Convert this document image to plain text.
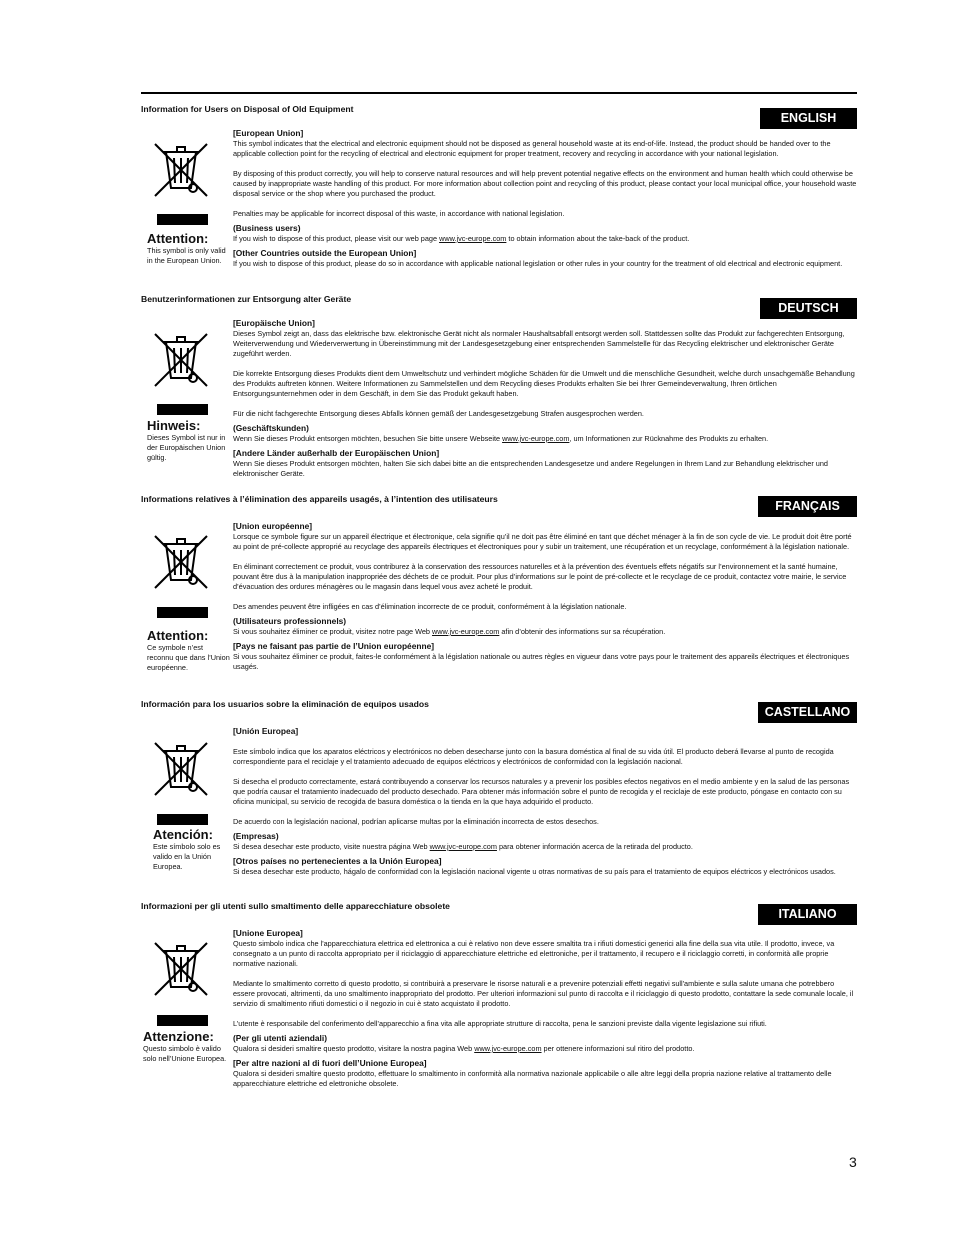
Information for Users on Disposal of Old Equipment
ENGLISH
Attention:
This symbol is only valid in the European Union.

[European Union]

This symbol indicates that the electrical and electronic equipment should not be disposed as general household waste at its end-of-life. Instead, the product should be handed over to the applicable collection point for the recycling of electrical and electronic equipment for proper treatment, recovery and recycling in accordance with your national legislation.

By disposing of this product correctly, you will help to conserve natural resources and will help prevent potential negative effects on the environment and human health which could otherwise be caused by inappropriate waste handling of this product. For more information about collection point and recycling of this product, please contact your local municipal office, your household waste disposal service or the shop where you purchased the product.

Penalties may be applicable for incorrect disposal of this waste, in accordance with national legislation.

(Business users)

If you wish to dispose of this product, please visit our web page www.jvc-europe.com to obtain information about the take-back of the product.

[Other Countries outside the European Union]

If you wish to dispose of this product, please do so in accordance with applicable national legislation or other rules in your country for the treatment of old electrical and electronic equipment.

Benutzerinformationen zur Entsorgung alter Geräte
DEUTSCH
Hinweis:
Dieses Symbol ist nur in der Europäischen Union gültig.

[Europäische Union]

Dieses Symbol zeigt an, dass das elektrische bzw. elektronische Gerät nicht als normaler Haushaltsabfall entsorgt werden soll. Stattdessen sollte das Produkt zur fachgerechten Entsorgung, Weiterverwendung und Wiederverwertung in Übereinstimmung mit der Landesgesetzgebung einer entsprechenden Sammelstelle für das Recycling elektrischer und elektronischer Geräte zugeführt werden.

Die korrekte Entsorgung dieses Produkts dient dem Umweltschutz und verhindert mögliche Schäden für die Umwelt und die menschliche Gesundheit, welche durch unsachgemäße Behandlung des Produkts auftreten können. Weitere Informationen zu Sammelstellen und dem Recycling dieses Produkts erhalten Sie bei Ihrer Gemeindeverwaltung, Ihren örtlichen Entsorgungsunternehmen oder in dem Geschäft, in dem Sie das Produkt gekauft haben.

Für die nicht fachgerechte Entsorgung dieses Abfalls können gemäß der Landesgesetzgebung Strafen ausgesprochen werden.

(Geschäftskunden)

Wenn Sie dieses Produkt entsorgen möchten, besuchen Sie bitte unsere Webseite www.jvc-europe.com, um Informationen zur Rücknahme des Produkts zu erhalten.

[Andere Länder außerhalb der Europäischen Union]

Wenn Sie dieses Produkt entsorgen möchten, halten Sie sich dabei bitte an die entsprechenden Landesgesetze und andere Regelungen in Ihrem Land zur Behandlung elektrischer und elektronischer Geräte.

Informations relatives à l’élimination des appareils usagés, à l’intention des utilisateurs	FRANÇAIS
Attention:
Ce symbole n’est reconnu que dans l’Union européenne.

[Union européenne]

Lorsque ce symbole figure sur un appareil électrique et électronique, cela signifie qu’il ne doit pas être éliminé en tant que déchet ménager à la fin de son cycle de vie. Le produit doit être porté au point de pré-collecte approprié au recyclage des appareils électriques et électroniques pour y subir un traitement, une récupération et un recyclage, conformément à la législation nationale.

En éliminant correctement ce produit, vous contriburez à la conservation des ressources naturelles et à la prévention des éventuels effets négatifs sur l’environnement et la santé humaine, pouvant être dus à la manipulation inappropriée des déchets de ce produit. Pour plus d’informations sur le point de pré-collecte et le recyclage de ce produit, contactez votre mairie, le service d’évacuation des ordures ménagères ou le magasin dans lequel vous avez acheté le produit.

Des amendes peuvent être infligées en cas d’élimination incorrecte de ce produit, conformément à la législation nationale.

(Utilisateurs professionnels)

Si vous souhaitez éliminer ce produit, visitez notre page Web www.jvc-europe.com afin d’obtenir des informations sur sa récupération.

[Pays ne faisant pas partie de l’Union européenne]

Si vous souhaitez éliminer ce produit, faites-le conformément à la législation nationale ou autres règles en vigueur dans votre pays pour le traitement des appareils électriques et électroniques usagés.

Información para los usuarios sobre la eliminación de equipos usados
CASTELLANO
Atención:
Este símbolo solo es valido en la Unión Europea.

[Unión Europea]

Este símbolo indica que los aparatos eléctricos y electrónicos no deben desecharse junto con la basura doméstica al final de su vida útil. El producto deberá llevarse al punto de recogida correspondiente para el reciclaje y el tratamiento adecuado de equipos eléctricos y electrónicos de conformidad con la legislación nacional.

Si desecha el producto correctamente, estará contribuyendo a conservar los recursos naturales y a prevenir los posibles efectos negativos en el medio ambiente y en la salud de las personas que podría causar el tratamiento inadecuado del producto desechado. Para obtener más información sobre el punto de recogida y el reciclaje de este producto, póngase en contacto con su oficina municipal, su servicio de recogida de basura doméstica o la tienda en la que haya adquirido el producto.

De acuerdo con la legislación nacional, podrían aplicarse multas por la eliminación incorrecta de estos desechos.

(Empresas)

Si desea desechar este producto, visite nuestra página Web www.jvc-europe.com para obtener información acerca de la retirada del producto.

[Otros países no pertenecientes a la Unión Europea]

Si desea desechar este producto, hágalo de conformidad con la legislación nacional vigente u otras normativas de su país para el tratamiento de equipos eléctricos y electrónicos usados.

Informazioni per gli utenti sullo smaltimento delle apparecchiature obsolete
ITALIANO
Attenzione:
Questo simbolo è valido solo nell’Unione Europea.

[Unione Europea]

Questo simbolo indica che l'apparecchiatura elettrica ed elettronica a cui è relativo non deve essere smaltita tra i rifiuti domestici generici alla fine della sua vita utile. Il prodotto, invece, va consegnato a un punto di raccolta appropriato per il riciclaggio di apparecchiature elettriche ed elettroniche, per il trattamento, il recupero e il riciclaggio corretti, in conformità alle proprie normative nazionali.

Mediante lo smaltimento corretto di questo prodotto, si contribuirà a preservare le risorse naturali e a prevenire potenziali effetti negativi sull'ambiente e sulla salute umana che potrebbero essere provocati, altrimenti, da uno smaltimento inappropriato del prodotto. Per ulteriori informazioni sul punto di raccolta e il riciclaggio di questo prodotto, contattare la sede comunale locale, il servizio di smaltimento rifiuti domestici o il negozio in cui è stato acquistato il prodotto.

L’utente è responsabile del conferimento dell’apparecchio a fina vita alle appropriate strutture di raccolta, pena le sanzioni previste dalla vigente legislazione sui rifiuti.

(Per gli utenti aziendali)

Qualora si desideri smaltire questo prodotto, visitare la nostra pagina Web www.jvc-europe.com per ottenere informazioni sul ritiro del prodotto.

[Per altre nazioni al di fuori dell’Unione Europea]

Qualora si desideri smaltire questo prodotto, effettuare lo smaltimento in conformità alla normativa nazionale applicabile o alle altre leggi della propria nazione relative al trattamento delle apparecchiature elettriche ed elettroniche obsolete.

3
